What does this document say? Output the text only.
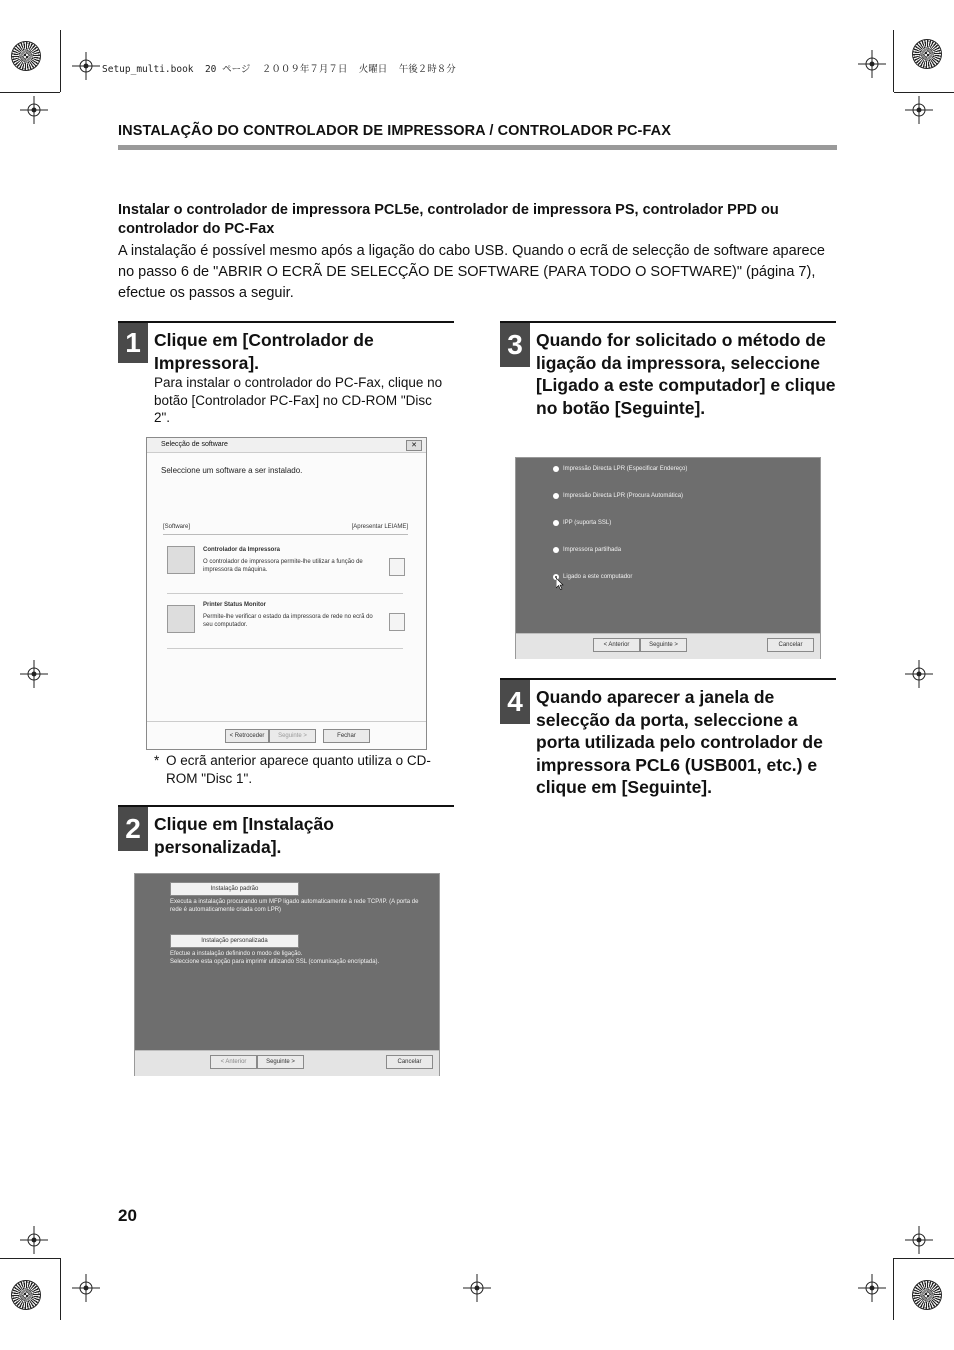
Setup_multi.book  20 ページ  ２００９年７月７日  火曜日  午後２時８分
INSTALAÇÃO DO CONTROLADOR DE IMPRESSORA / CONTROLADOR PC-FAX
Instalar o controlador de impressora PCL5e, controlador de impressora PS, controlador PPD ou controlador do PC-Fax
A instalação é possível mesmo após a ligação do cabo USB. Quando o ecrã de selecção de software aparece no passo 6 de "ABRIR O ECRÃ DE SELECÇÃO DE SOFTWARE (PARA TODO O SOFTWARE)" (página 7), efectue os passos a seguir.
1 Clique em [Controlador de Impressora].
Para instalar o controlador do PC-Fax, clique no botão [Controlador PC-Fax] no CD-ROM "Disc 2".
Selecção de software	✕
Seleccione um software a ser instalado.
[Software]	[Apresentar LEIAME]
Controlador da Impressora
O controlador de impressora permite-lhe utilizar a função de impressora da máquina.
Printer Status Monitor
Permite-lhe verificar o estado da impressora de rede no ecrã do seu computador.
< Retroceder	Seguinte >	Fechar
* O ecrã anterior aparece quanto utiliza o CD-ROM "Disc 1".
2 Clique em [Instalação personalizada].
Instalação padrão
Executa a instalação procurando um MFP ligado automaticamente à rede TCP/IP. (A porta de rede é automaticamente criada com LPR)
Instalação personalizada
Efectue a instalação definindo o modo de ligação.
Seleccione esta opção para imprimir utilizando SSL (comunicação encriptada).
< Anterior	Seguinte >	Cancelar
3 Quando for solicitado o método de ligação da impressora, seleccione [Ligado a este computador] e clique no botão [Seguinte].
Impressão Directa LPR (Especificar Endereço)
Impressão Directa LPR (Procura Automática)
IPP (suporta SSL)
Impressora partilhada
Ligado a este computador
< Anterior	Seguinte >	Cancelar
4 Quando aparecer a janela de selecção da porta, seleccione a porta utilizada pelo controlador de impressora PCL6 (USB001, etc.) e clique em [Seguinte].
20
